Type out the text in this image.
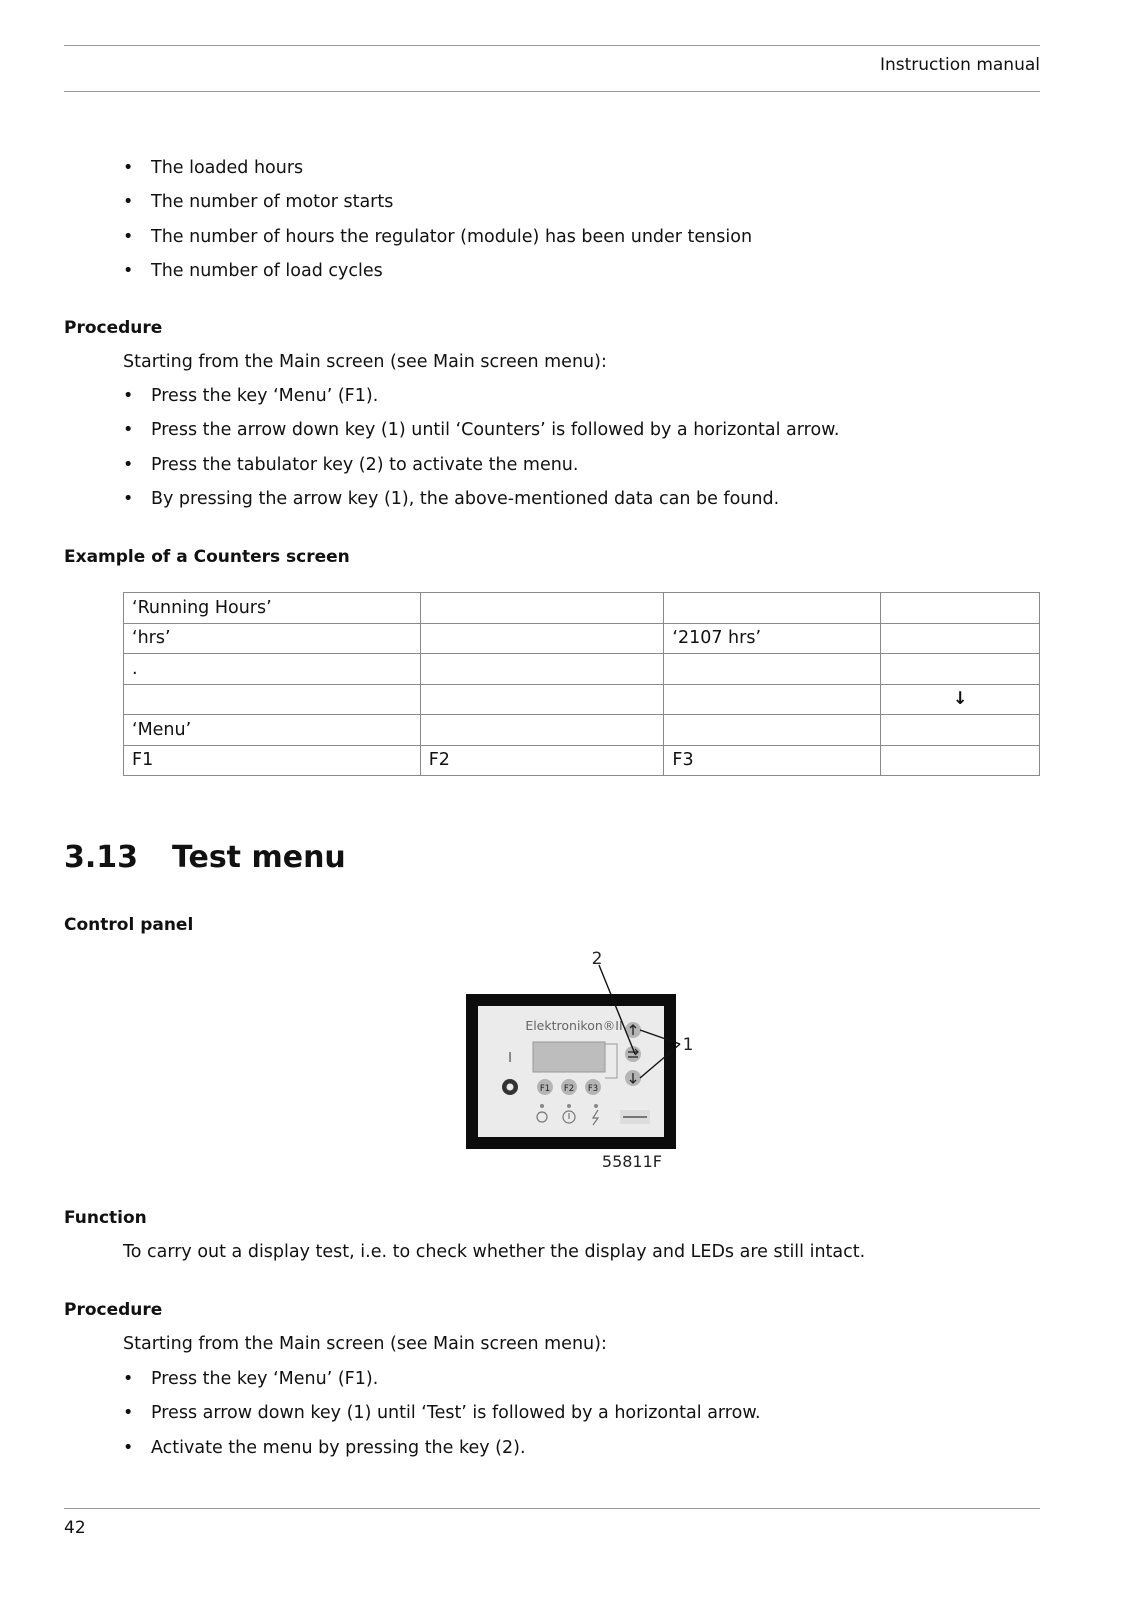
Instruction manual
• The loaded hours
• The number of motor starts
• The number of hours the regulator (module) has been under tension
• The number of load cycles
Procedure
Starting from the Main screen (see Main screen menu):
• Press the key ‘Menu’ (F1).
• Press the arrow down key (1) until ‘Counters’ is followed by a horizontal arrow.
• Press the tabulator key (2) to activate the menu.
• By pressing the arrow key (1), the above-mentioned data can be found.
Example of a Counters screen
‘Running Hours’			
‘hrs’		‘2107 hrs’	
.			
			↓
‘Menu’			
F1	F2	F3	
3.13 Test menu
Control panel
Elektronikon®II
I
F1 F2 F3
2
1
55811F
Function
To carry out a display test, i.e. to check whether the display and LEDs are still intact.
Procedure
Starting from the Main screen (see Main screen menu):
• Press the key ‘Menu’ (F1).
• Press arrow down key (1) until ‘Test’ is followed by a horizontal arrow.
• Activate the menu by pressing the key (2).
42
